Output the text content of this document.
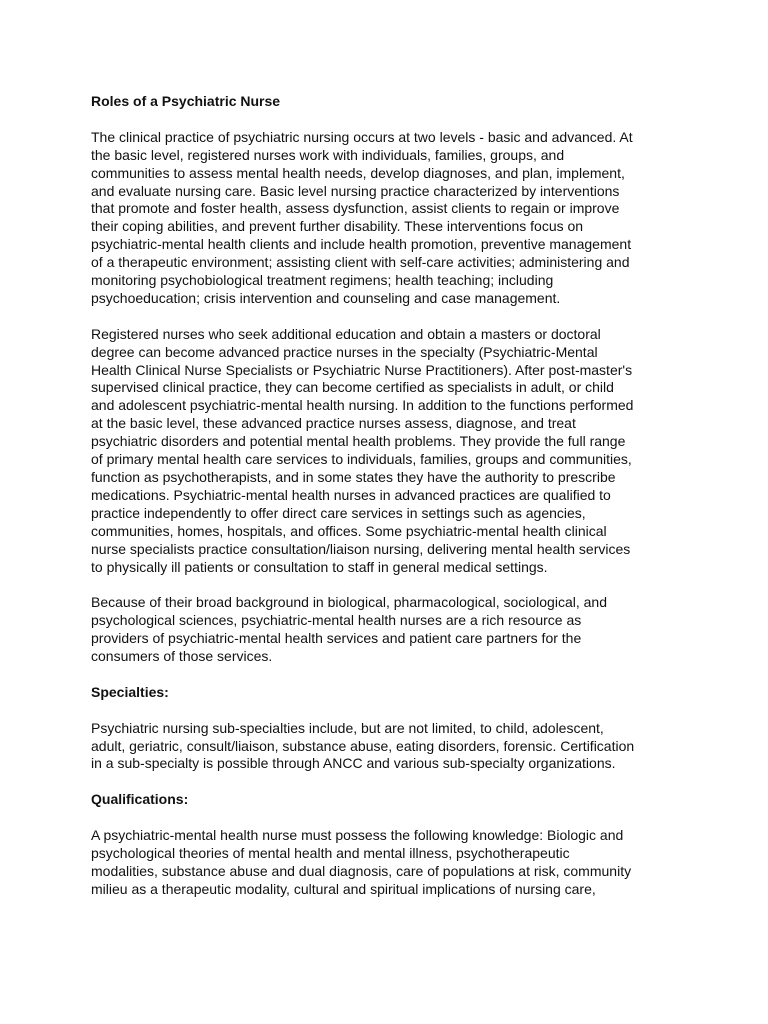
Roles of a Psychiatric Nurse

The clinical practice of psychiatric nursing occurs at two levels - basic and advanced. At
the basic level, registered nurses work with individuals, families, groups, and
communities to assess mental health needs, develop diagnoses, and plan, implement,
and evaluate nursing care. Basic level nursing practice characterized by interventions
that promote and foster health, assess dysfunction, assist clients to regain or improve
their coping abilities, and prevent further disability. These interventions focus on
psychiatric-mental health clients and include health promotion, preventive management
of a therapeutic environment; assisting client with self-care activities; administering and
monitoring psychobiological treatment regimens; health teaching; including
psychoeducation; crisis intervention and counseling and case management.

Registered nurses who seek additional education and obtain a masters or doctoral
degree can become advanced practice nurses in the specialty (Psychiatric-Mental
Health Clinical Nurse Specialists or Psychiatric Nurse Practitioners). After post-master's
supervised clinical practice, they can become certified as specialists in adult, or child
and adolescent psychiatric-mental health nursing. In addition to the functions performed
at the basic level, these advanced practice nurses assess, diagnose, and treat
psychiatric disorders and potential mental health problems. They provide the full range
of primary mental health care services to individuals, families, groups and communities,
function as psychotherapists, and in some states they have the authority to prescribe
medications. Psychiatric-mental health nurses in advanced practices are qualified to
practice independently to offer direct care services in settings such as agencies,
communities, homes, hospitals, and offices. Some psychiatric-mental health clinical
nurse specialists practice consultation/liaison nursing, delivering mental health services
to physically ill patients or consultation to staff in general medical settings.

Because of their broad background in biological, pharmacological, sociological, and
psychological sciences, psychiatric-mental health nurses are a rich resource as
providers of psychiatric-mental health services and patient care partners for the
consumers of those services.

Specialties:

Psychiatric nursing sub-specialties include, but are not limited, to child, adolescent,
adult, geriatric, consult/liaison, substance abuse, eating disorders, forensic. Certification
in a sub-specialty is possible through ANCC and various sub-specialty organizations.

Qualifications:

A psychiatric-mental health nurse must possess the following knowledge: Biologic and
psychological theories of mental health and mental illness, psychotherapeutic
modalities, substance abuse and dual diagnosis, care of populations at risk, community
milieu as a therapeutic modality, cultural and spiritual implications of nursing care,
